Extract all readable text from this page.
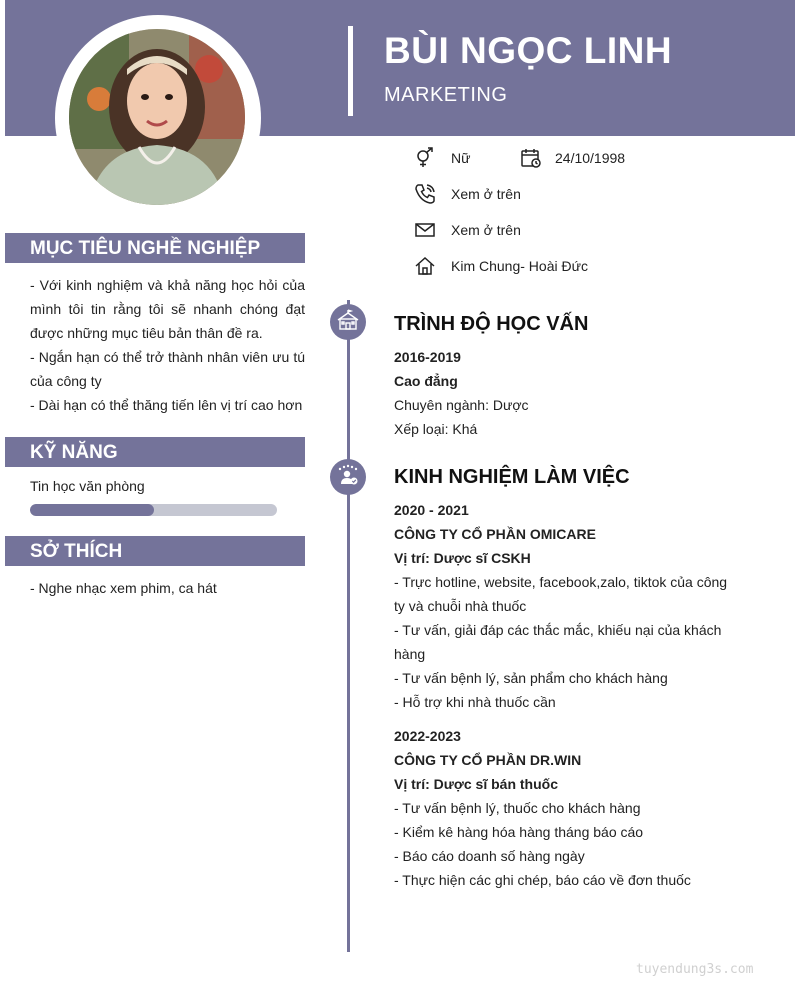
BÙI NGỌC LINH
MARKETING
Nữ	24/10/1998
Xem ở trên
Xem ở trên
Kim Chung- Hoài Đức
MỤC TIÊU NGHỀ NGHIỆP

- Với kinh nghiệm và khả năng học hỏi của mình tôi tin rằng tôi sẽ nhanh chóng đạt được những mục tiêu bản thân đề ra.

- Ngắn hạn có thể trở thành nhân viên ưu tú của công ty

- Dài hạn có thể thăng tiến lên vị trí cao hơn

KỸ NĂNG
Tin học văn phòng
SỞ THÍCH
- Nghe nhạc xem phim, ca hát
TRÌNH ĐỘ HỌC VẤN

2016-2019

Cao đẳng

Chuyên ngành: Dược

Xếp loại: Khá

KINH NGHIỆM LÀM VIỆC

2020 - 2021

CÔNG TY CỔ PHẦN OMICARE

Vị trí: Dược sĩ CSKH

- Trực hotline, website, facebook,zalo, tiktok của công ty và chuỗi nhà thuốc

- Tư vấn, giải đáp các thắc mắc, khiếu nại của khách hàng

- Tư vấn bệnh lý, sản phẩm cho khách hàng

- Hỗ trợ khi nhà thuốc cần

2022-2023

CÔNG TY CỔ PHẦN DR.WIN

Vị trí: Dược sĩ bán thuốc

- Tư vấn bệnh lý, thuốc cho khách hàng

- Kiểm kê hàng hóa hàng tháng báo cáo

- Báo cáo doanh số hàng ngày

- Thực hiện các ghi chép, báo cáo về đơn thuốc

tuyendung3s.com
